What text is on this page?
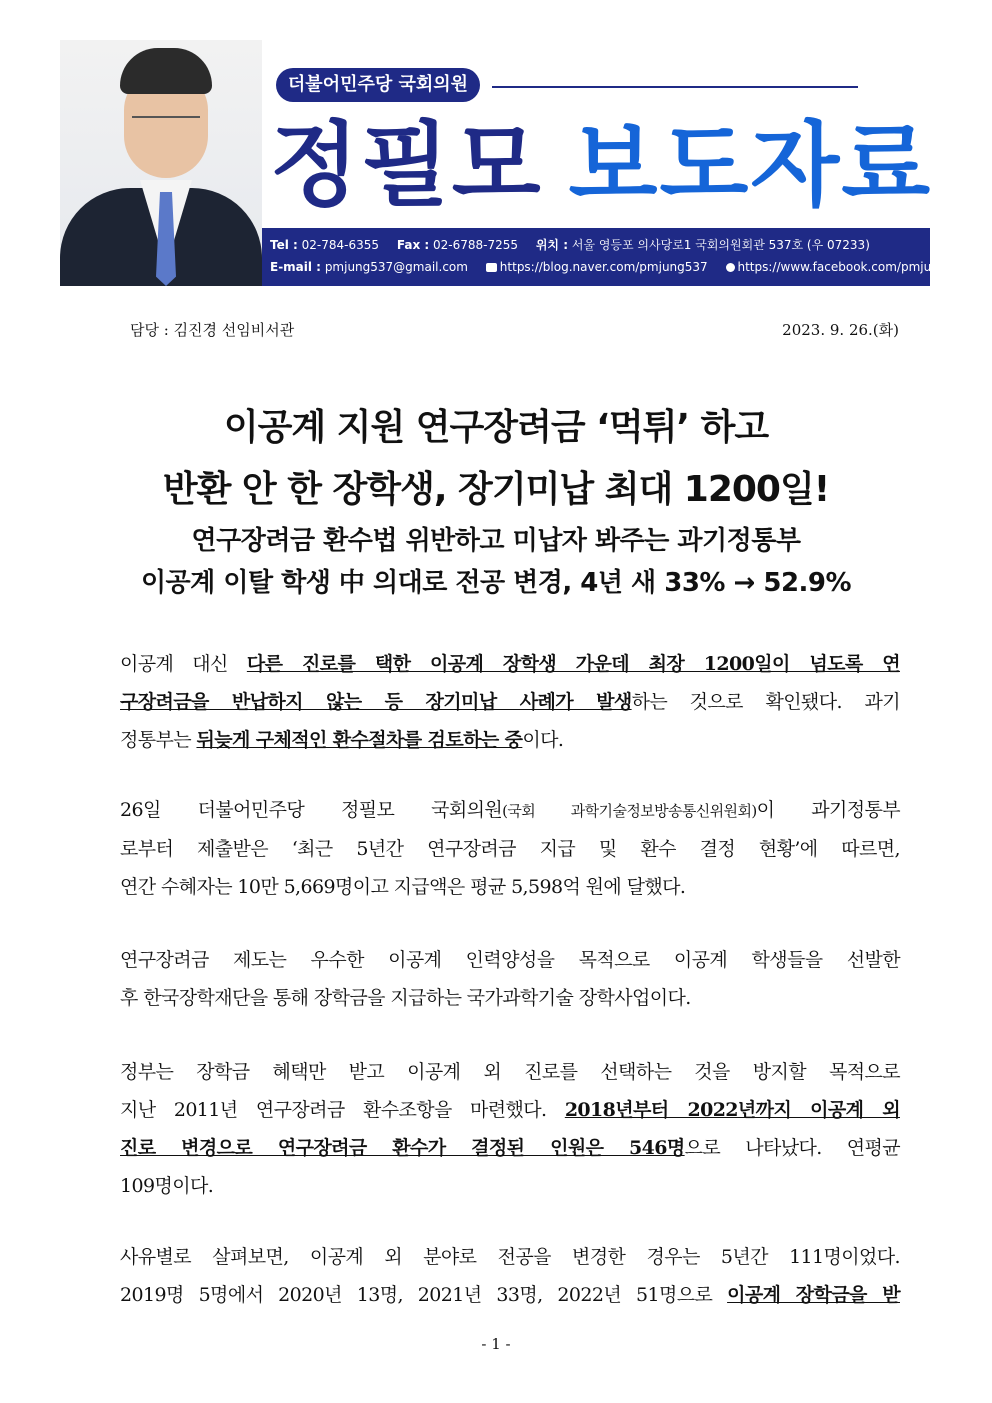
더불어민주당 국회의원
정필모 보도자료
Tel : 02-784-6355 Fax : 02-6788-7255 위치 : 서울 영등포 의사당로1 국회의원회관 537호 (우 07233)
E-mail : pmjung537@gmail.com	https://blog.naver.com/pmjung537 https://www.facebook.com/pmjung537
담당 : 김진경 선임비서관	2023. 9. 26.(화)
이공계 지원 연구장려금 ‘먹튀’ 하고
반환 안 한 장학생, 장기미납 최대 1200일!
연구장려금 환수법 위반하고 미납자 봐주는 과기정통부
이공계 이탈 학생 中 의대로 전공 변경, 4년 새 33% → 52.9%
이공계 대신 다른 진로를 택한 이공계 장학생 가운데 최장 1200일이 넘도록 연
구장려금을 반납하지 않는 등 장기미납 사례가 발생하는 것으로 확인됐다. 과기
정통부는 뒤늦게 구체적인 환수절차를 검토하는 중이다.
26일 더불어민주당 정필모 국회의원(국회 과학기술정보방송통신위원회)이 과기정통부
로부터 제출받은 ‘최근 5년간 연구장려금 지급 및 환수 결정 현황’에 따르면,
연간 수혜자는 10만 5,669명이고 지급액은 평균 5,598억 원에 달했다.
연구장려금 제도는 우수한 이공계 인력양성을 목적으로 이공계 학생들을 선발한
후 한국장학재단을 통해 장학금을 지급하는 국가과학기술 장학사업이다.
정부는 장학금 혜택만 받고 이공계 외 진로를 선택하는 것을 방지할 목적으로
지난 2011년 연구장려금 환수조항을 마련했다. 2018년부터 2022년까지 이공계 외
진로 변경으로 연구장려금 환수가 결정된 인원은 546명으로 나타났다. 연평균
109명이다.
사유별로 살펴보면, 이공계 외 분야로 전공을 변경한 경우는 5년간 111명이었다.
2019명 5명에서 2020년 13명, 2021년 33명, 2022년 51명으로 이공계 장학금을 받
- 1 -
